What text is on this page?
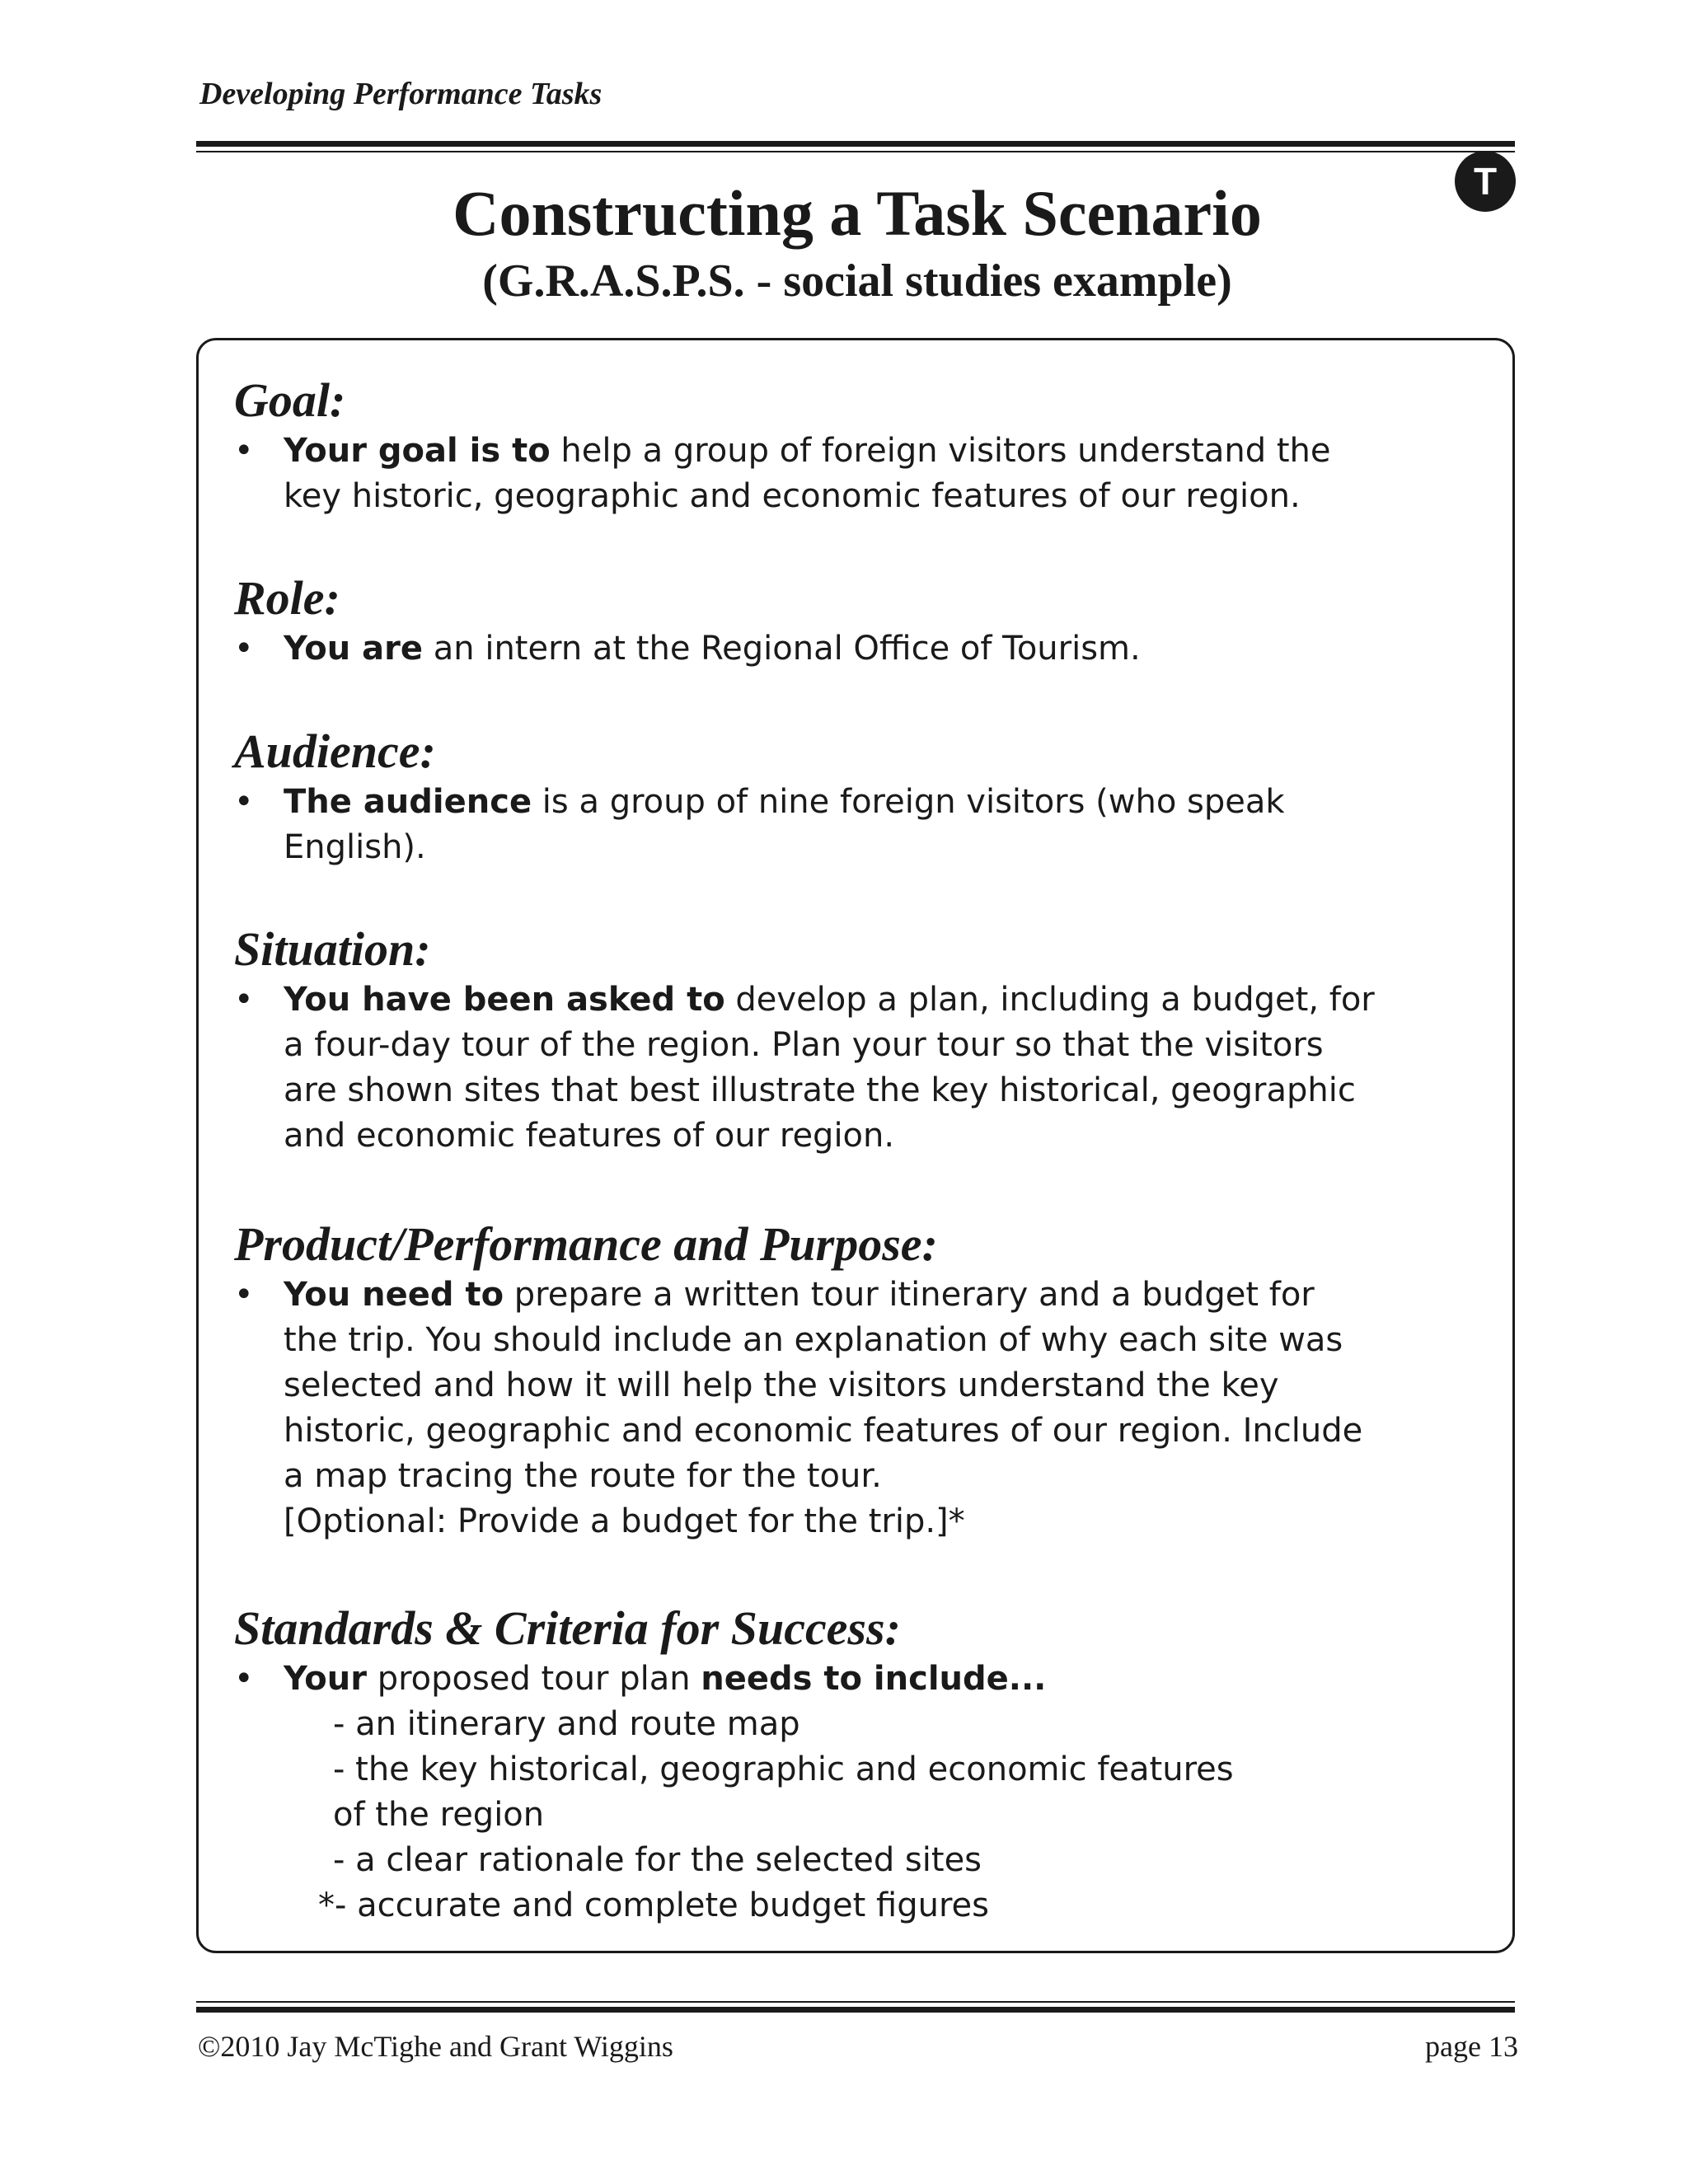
Developing Performance Tasks
T
Constructing a Task Scenario
(G.R.A.S.P.S. - social studies example)
Goal:
• Your goal is to help a group of foreign visitors understand the
key historic, geographic and economic features of our region.
Role:
• You are an intern at the Regional Office of Tourism.
Audience:
• The audience is a group of nine foreign visitors (who speak
English).
Situation:
• You have been asked to develop a plan, including a budget, for
a four-day tour of the region. Plan your tour so that the visitors
are shown sites that best illustrate the key historical, geographic
and economic features of our region.
Product/Performance and Purpose:
• You need to prepare a written tour itinerary and a budget for
the trip. You should include an explanation of why each site was
selected and how it will help the visitors understand the key
historic, geographic and economic features of our region. Include
a map tracing the route for the tour.
[Optional: Provide a budget for the trip.]*
Standards & Criteria for Success:
• Your proposed tour plan needs to include...
- an itinerary and route map
- the key historical, geographic and economic features
of the region
- a clear rationale for the selected sites
*- accurate and complete budget figures
©2010 Jay McTighe and Grant Wiggins	page 13
